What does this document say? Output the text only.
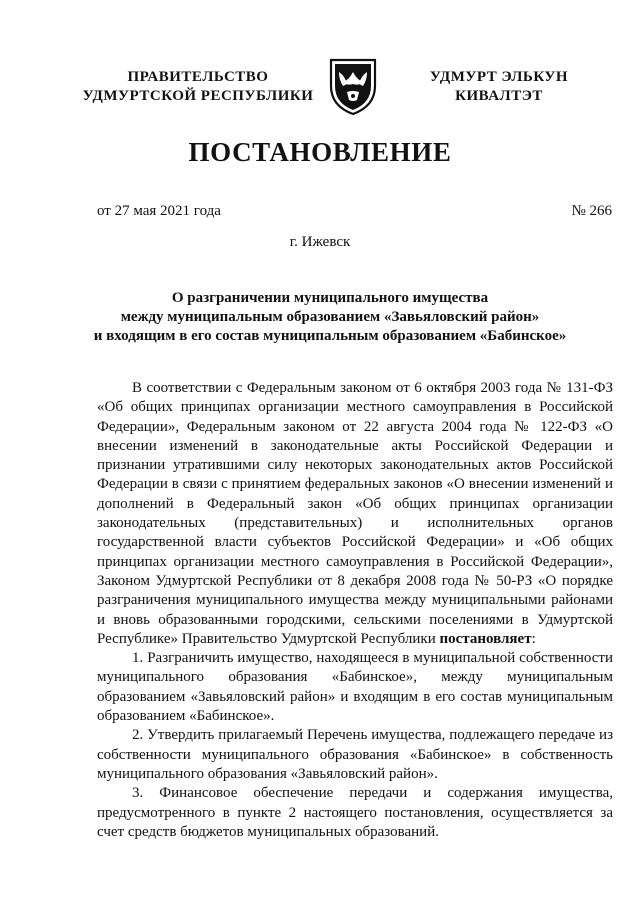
ПРАВИТЕЛЬСТВО
УДМУРТСКОЙ РЕСПУБЛИКИ
УДМУРТ ЭЛЬКУН
КИВАЛТЭТ
ПОСТАНОВЛЕНИЕ
от 27 мая 2021 года	№ 266
г. Ижевск
О разграничении муниципального имущества
между муниципальным образованием «Завьяловский район»
и входящим в его состав муниципальным образованием «Бабинское»

В соответствии с Федеральным законом от 6 октября 2003 года № 131-ФЗ «Об общих принципах организации местного самоуправления в Российской Федерации», Федеральным законом от 22 августа 2004 года № 122-ФЗ «О внесении изменений в законодательные акты Российской Федерации и признании утратившими силу некоторых законодательных актов Российской Федерации в связи с принятием федеральных законов «О внесении изменений и дополнений в Федеральный закон «Об общих принципах организации законодательных (представительных) и исполнительных органов государственной власти субъектов Российской Федерации» и «Об общих принципах организации местного самоуправления в Российской Федерации», Законом Удмуртской Республики от 8 декабря 2008 года № 50-РЗ «О порядке разграничения муниципального имущества между муниципальными районами и вновь образованными городскими, сельскими поселениями в Удмуртской Республике» Правительство Удмуртской Республики постановляет:

1. Разграничить имущество, находящееся в муниципальной собственности муниципального образования «Бабинское», между муниципальным образованием «Завьяловский район» и входящим в его состав муниципальным образованием «Бабинское».

2. Утвердить прилагаемый Перечень имущества, подлежащего передаче из собственности муниципального образования «Бабинское» в собственность муниципального образования «Завьяловский район».

3. Финансовое обеспечение передачи и содержания имущества, предусмотренного в пункте 2 настоящего постановления, осуществляется за счет средств бюджетов муниципальных образований.
